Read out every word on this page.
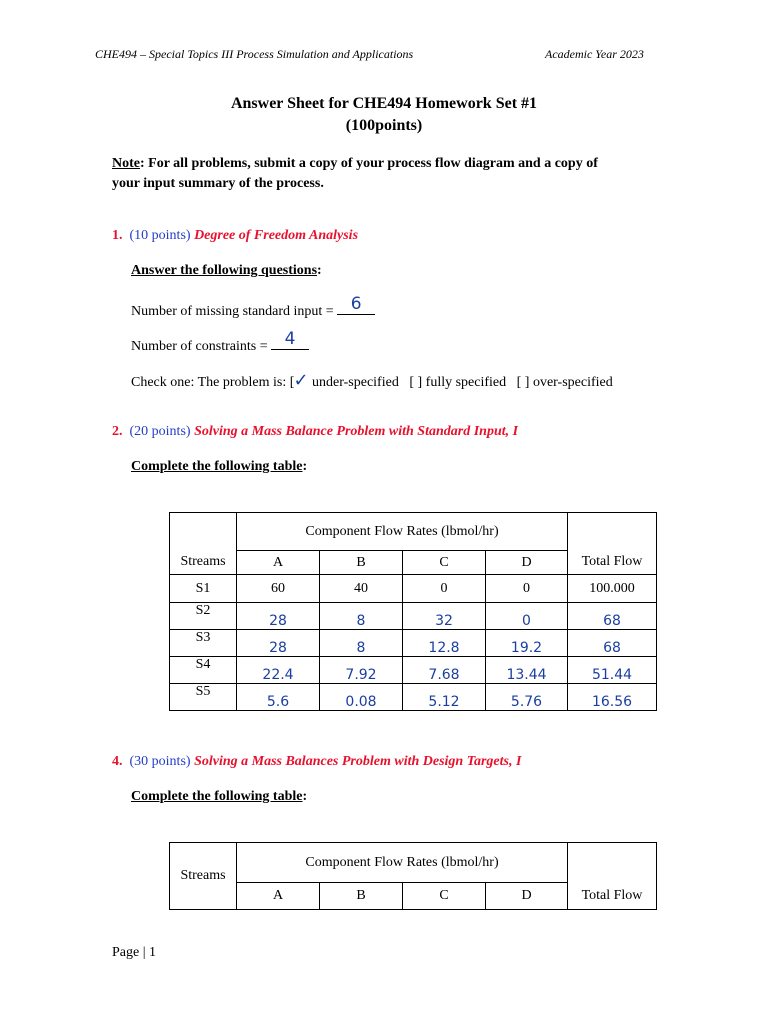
CHE494 – Special Topics III Process Simulation and Applications	Academic Year 2023
Answer Sheet for CHE494 Homework Set #1
(100points)
Note: For all problems, submit a copy of your process flow diagram and a copy of
your input summary of the process.
1. (10 points) Degree of Freedom Analysis
Answer the following questions:
Number of missing standard input = 6
Number of constraints = 4
Check one: The problem is: [✓ under-specified [ ] fully specified [ ] over-specified
2. (20 points) Solving a Mass Balance Problem with Standard Input, I
Complete the following table:
	Component Flow Rates (lbmol/hr)				
Streams	A	B	C	D	Total Flow
S1	60	40	0	0	100.000
S2	28	8	32	0	68
S3	28	8	12.8	19.2	68
S4	22.4	7.92	7.68	13.44	51.44
S5	5.6	0.08	5.12	5.76	16.56
4. (30 points) Solving a Mass Balances Problem with Design Targets, I
Complete the following table:
Streams	Component Flow Rates (lbmol/hr)				
	A	B	C	D	Total Flow
Page | 1
